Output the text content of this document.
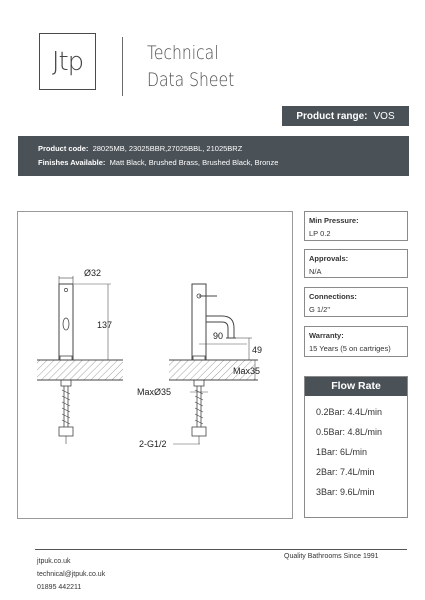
Jtp	Technical
Data Sheet
Product range: VOS
Product code: 28025MB, 23025BBR,27025BBL, 21025BRZ
Finishes Available: Matt Black, Brushed Brass, Brushed Black, Bronze
Ø32
137
90
49
Max35
MaxØ35
2-G1/2
Min Pressure:
LP 0.2
Approvals:
N/A
Connections:
G 1/2"
Warranty:
15 Years (5 on cartriges)
Flow Rate
0.2Bar: 4.4L/min
0.5Bar: 4.8L/min
1Bar: 6L/min
2Bar: 7.4L/min
3Bar: 9.6L/min
jtpuk.co.uk
technical@jtpuk.co.uk
01895 442211
Quality Bathrooms Since 1991
